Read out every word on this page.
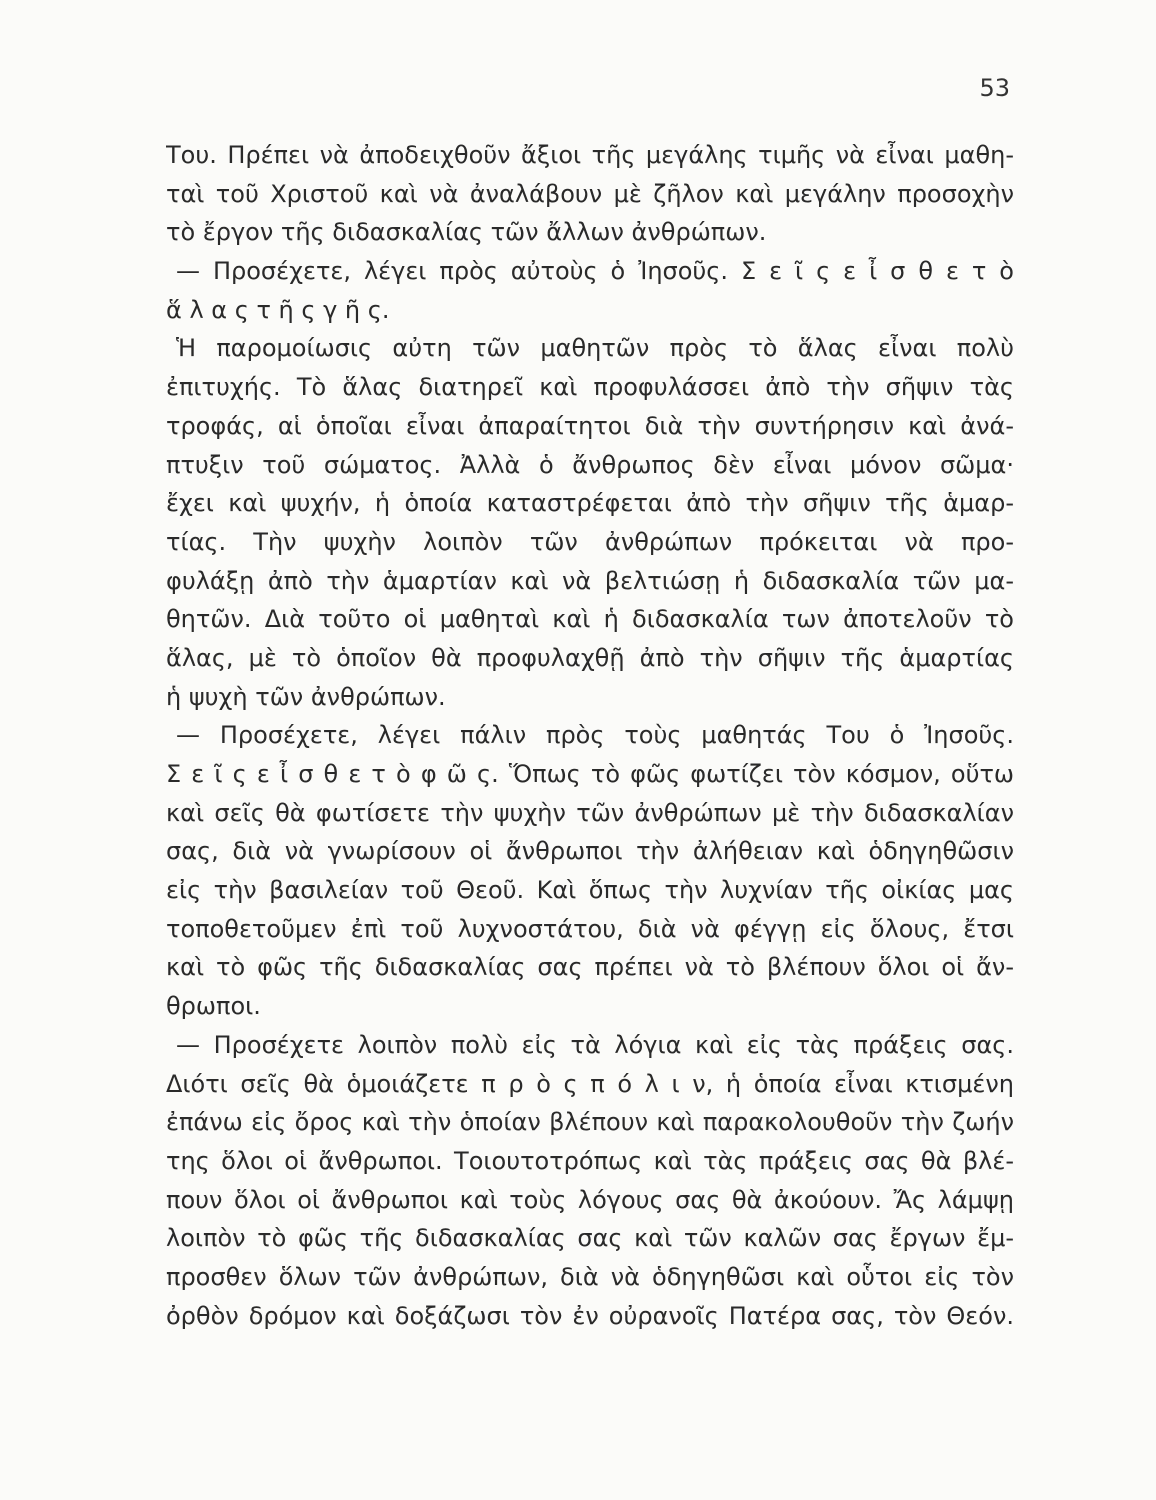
53
Του. Πρέπει νὰ ἀποδειχθοῦν ἄξιοι τῆς μεγάλης τιμῆς νὰ εἶναι μαθη-
ταὶ τοῦ Χριστοῦ καὶ νὰ ἀναλάβουν μὲ ζῆλον καὶ μεγάλην προσοχὴν
τὸ ἔργον τῆς διδασκαλίας τῶν ἄλλων ἀνθρώπων.
— Προσέχετε, λέγει πρὸς αὐτοὺς ὁ Ἰησοῦς. Σ ε ῖ ς ε ἶ σ θ ε τ ὸ
ἅ λ α ς τ ῆ ς γ ῆ ς.
Ἡ παρομοίωσις αὐτη τῶν μαθητῶν πρὸς τὸ ἅλας εἶναι πολὺ
ἐπιτυχής. Τὸ ἅλας διατηρεῖ καὶ προφυλάσσει ἀπὸ τὴν σῆψιν τὰς
τροφάς, αἱ ὁποῖαι εἶναι ἀπαραίτητοι διὰ τὴν συντήρησιν καὶ ἀνά-
πτυξιν τοῦ σώματος. Ἀλλὰ ὁ ἄνθρωπος δὲν εἶναι μόνον σῶμα·
ἔχει καὶ ψυχήν, ἡ ὁποία καταστρέφεται ἀπὸ τὴν σῆψιν τῆς ἁμαρ-
τίας. Τὴν ψυχὴν λοιπὸν τῶν ἀνθρώπων πρόκειται νὰ προ-
φυλάξῃ ἀπὸ τὴν ἁμαρτίαν καὶ νὰ βελτιώσῃ ἡ διδασκαλία τῶν μα-
θητῶν. Διὰ τοῦτο οἱ μαθηταὶ καὶ ἡ διδασκαλία των ἀποτελοῦν τὸ
ἅλας, μὲ τὸ ὁποῖον θὰ προφυλαχθῇ ἀπὸ τὴν σῆψιν τῆς ἁμαρτίας
ἡ ψυχὴ τῶν ἀνθρώπων.
— Προσέχετε, λέγει πάλιν πρὸς τοὺς μαθητάς Του ὁ Ἰησοῦς.
Σ ε ῖ ς ε ἶ σ θ ε τ ὸ φ ῶ ς. Ὅπως τὸ φῶς φωτίζει τὸν κόσμον, οὕτω
καὶ σεῖς θὰ φωτίσετε τὴν ψυχὴν τῶν ἀνθρώπων μὲ τὴν διδασκαλίαν
σας, διὰ νὰ γνωρίσουν οἱ ἄνθρωποι τὴν ἀλήθειαν καὶ ὁδηγηθῶσιν
εἰς τὴν βασιλείαν τοῦ Θεοῦ. Καὶ ὅπως τὴν λυχνίαν τῆς οἰκίας μας
τοποθετοῦμεν ἐπὶ τοῦ λυχνοστάτου, διὰ νὰ φέγγῃ εἰς ὅλους, ἔτσι
καὶ τὸ φῶς τῆς διδασκαλίας σας πρέπει νὰ τὸ βλέπουν ὅλοι οἱ ἄν-
θρωποι.
— Προσέχετε λοιπὸν πολὺ εἰς τὰ λόγια καὶ εἰς τὰς πράξεις σας.
Διότι σεῖς θὰ ὁμοιάζετε π ρ ὸ ς π ό λ ι ν, ἡ ὁποία εἶναι κτισμένη
ἐπάνω εἰς ὄρος καὶ τὴν ὁποίαν βλέπουν καὶ παρακολουθοῦν τὴν ζωήν
της ὅλοι οἱ ἄνθρωποι. Τοιουτοτρόπως καὶ τὰς πράξεις σας θὰ βλέ-
πουν ὅλοι οἱ ἄνθρωποι καὶ τοὺς λόγους σας θὰ ἀκούουν. Ἄς λάμψῃ
λοιπὸν τὸ φῶς τῆς διδασκαλίας σας καὶ τῶν καλῶν σας ἔργων ἔμ-
προσθεν ὅλων τῶν ἀνθρώπων, διὰ νὰ ὁδηγηθῶσι καὶ οὗτοι εἰς τὸν
ὀρθὸν δρόμον καὶ δοξάζωσι τὸν ἐν οὐρανοῖς Πατέρα σας, τὸν Θεόν.
